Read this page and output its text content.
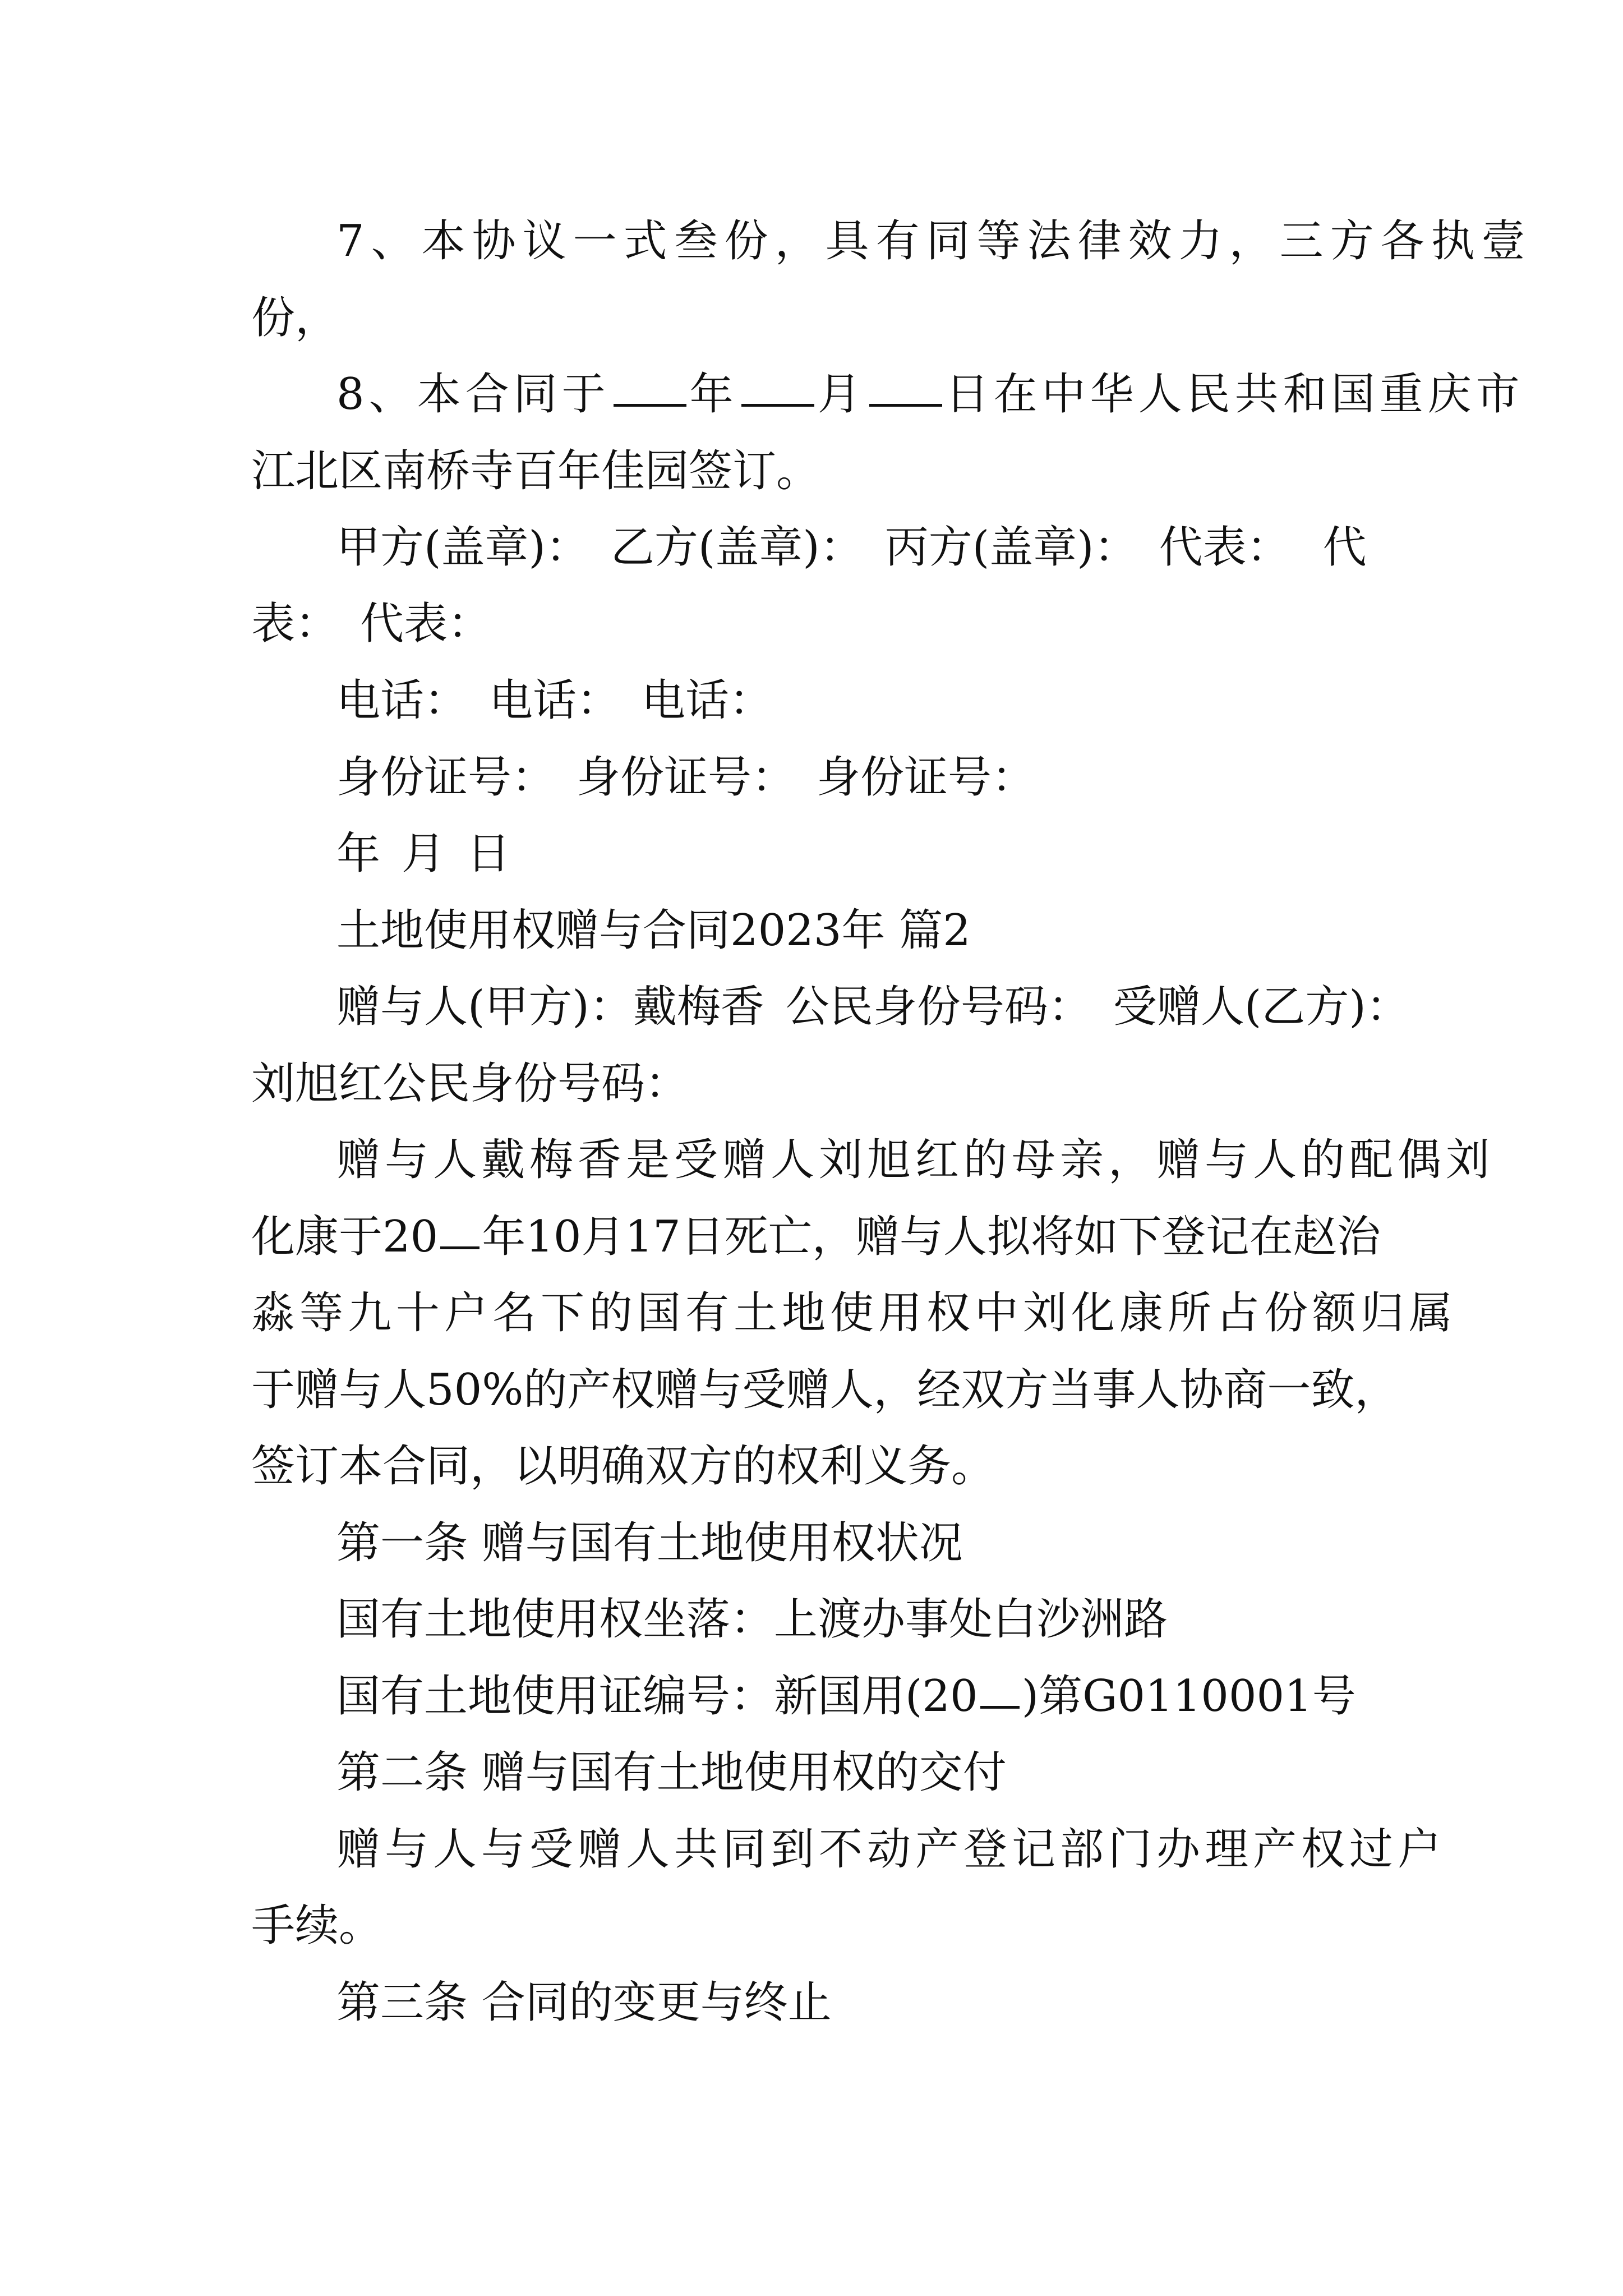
7、本协议一式叁份，具有同等法律效力，三方各执壹
份，
8、本合同于 年 月 日在中华人民共和国重庆市
江北区南桥寺百年佳园签订。
甲方(盖章)： 乙方(盖章)： 丙方(盖章)： 代表： 代
表： 代表：
电话： 电话： 电话：
身份证号： 身份证号： 身份证号：
年 月 日
土地使用权赠与合同2023年 篇2
赠与人(甲方)：戴梅香 公民身份号码： 受赠人(乙方)：
刘旭红公民身份号码：
赠与人戴梅香是受赠人刘旭红的母亲，赠与人的配偶刘
化康于20 年10月17日死亡，赠与人拟将如下登记在赵治
淼等九十户名下的国有土地使用权中刘化康所占份额归属
于赠与人50%的产权赠与受赠人，经双方当事人协商一致，
签订本合同，以明确双方的权利义务。
第一条 赠与国有土地使用权状况
国有土地使用权坐落：上渡办事处白沙洲路
国有土地使用证编号：新国用(20 )第G0110001号
第二条 赠与国有土地使用权的交付
赠与人与受赠人共同到不动产登记部门办理产权过户
手续。
第三条 合同的变更与终止
